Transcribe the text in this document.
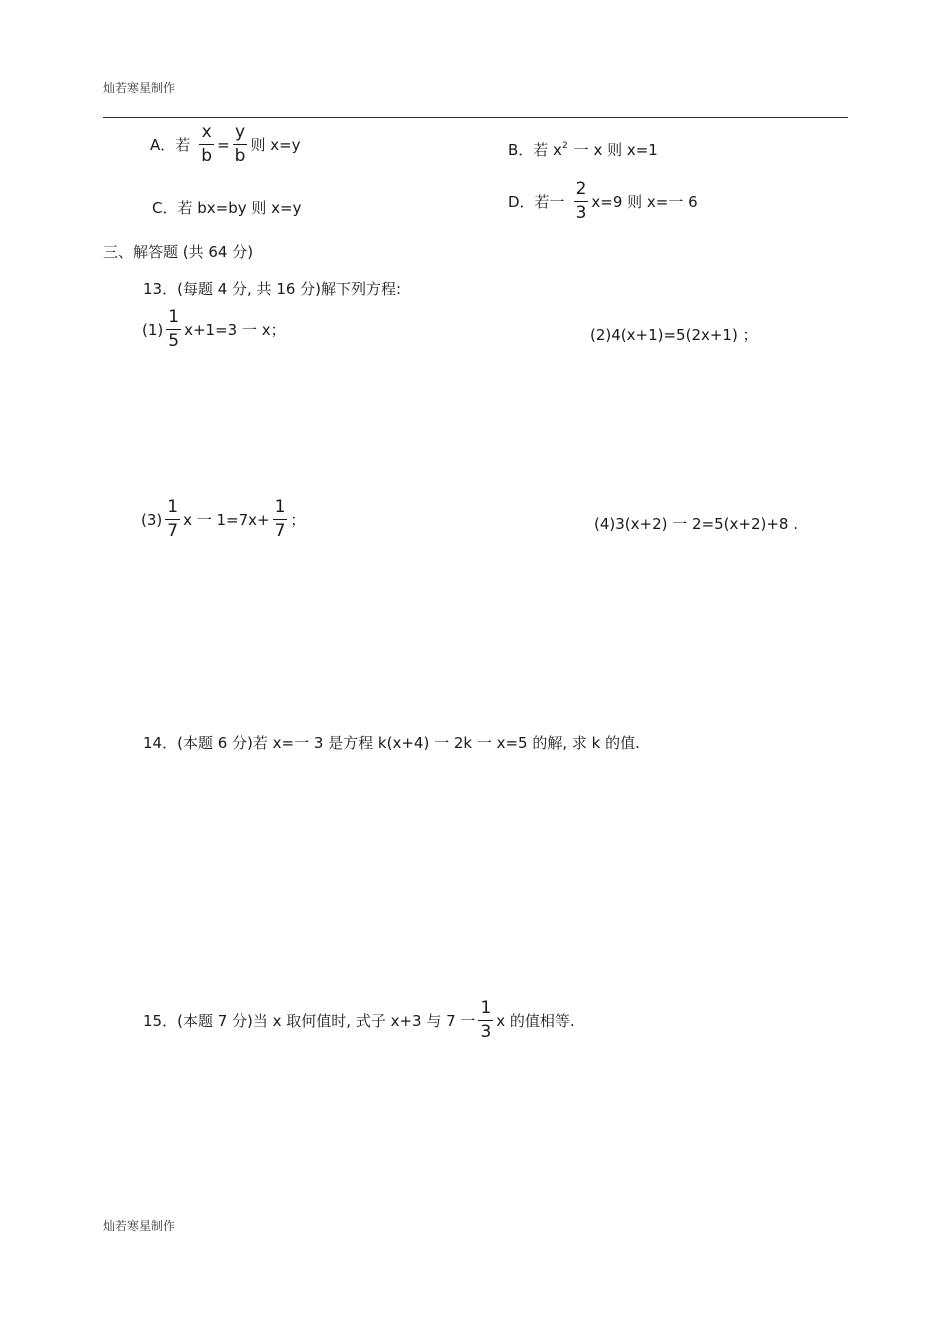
灿若寒星制作
A．若 $\frac{x}{b} = \frac{y}{b}$ 则 x=y	B．若 $x^2$ 一 x 则 x=1
C．若 bx=by 则 x=y	D．若一 $\frac{2}{3} x=9$ 则 x=一 6
三、解答题 (共 64 分)
13．(每题 4 分, 共 16 分)解下列方程:
$(1) \frac{1}{5} x+1=3$ 一 x；	(2)4(x+1)=5(2x+1) ；
$(3) \frac{1}{7}$ x 一 $1=7x+ \frac{1}{7}$ ；	(4)3(x+2) 一 2=5(x+2)+8 .
14．(本题 6 分)若 x=一 3 是方程 k(x+4) 一 2k 一 x=5 的解, 求 k 的值.
15．(本题 7 分)当 x 取何值时, 式子 x+3 与 7 一 $\frac{1}{3}$ x 的值相等.
灿若寒星制作
